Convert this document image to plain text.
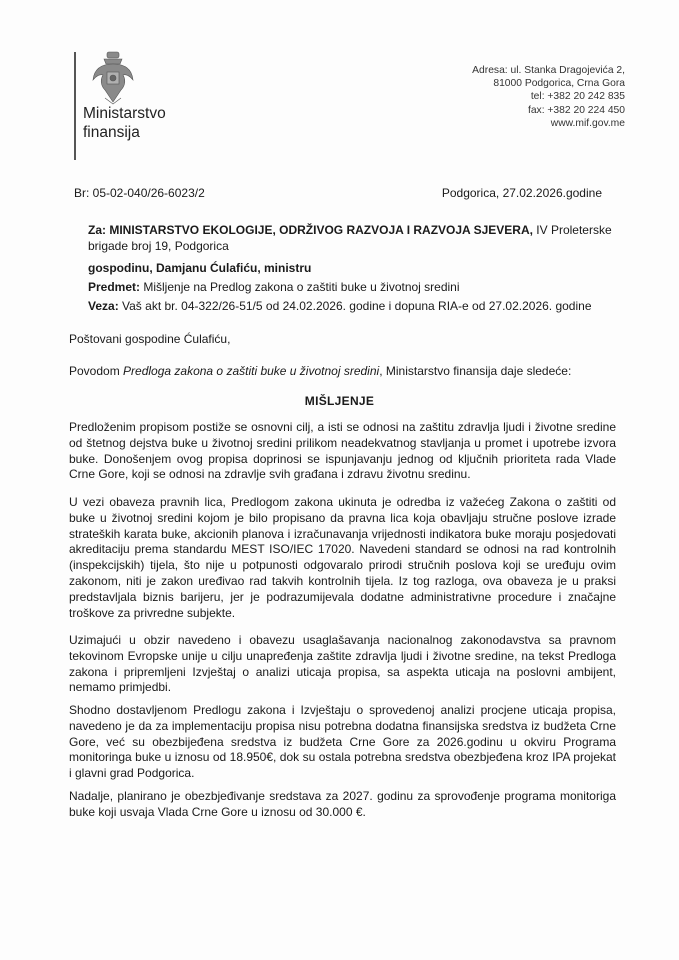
Ministarstvo
finansija
Adresa: ul. Stanka Dragojevića 2,
81000 Podgorica, Crna Gora
tel: +382 20 242 835
fax: +382 20 224 450
www.mif.gov.me
Br: 05-02-040/26-6023/2	Podgorica, 27.02.2026.godine
Za: MINISTARSTVO EKOLOGIJE, ODRŽIVOG RAZVOJA I RAZVOJA SJEVERA, IV Proleterske
brigade broj 19, Podgorica
gospodinu, Damjanu Ćulafiću, ministru
Predmet: Mišljenje na Predlog zakona o zaštiti buke u životnoj sredini
Veza: Vaš akt br. 04-322/26-51/5 od 24.02.2026. godine i dopuna RIA-e od 27.02.2026. godine
Poštovani gospodine Ćulafiću,
Povodom Predloga zakona o zaštiti buke u životnoj sredini, Ministarstvo finansija daje sledeće:
MIŠLJENJE
Predloženim propisom postiže se osnovni cilj, a isti se odnosi na zaštitu zdravlja ljudi i životne sredine od štetnog dejstva buke u životnoj sredini prilikom neadekvatnog stavljanja u promet i upotrebe izvora buke. Donošenjem ovog propisa doprinosi se ispunjavanju jednog od ključnih prioriteta rada Vlade Crne Gore, koji se odnosi na zdravlje svih građana i zdravu životnu sredinu.
U vezi obaveza pravnih lica, Predlogom zakona ukinuta je odredba iz važećeg Zakona o zaštiti od buke u životnoj sredini kojom je bilo propisano da pravna lica koja obavljaju stručne poslove izrade strateških karata buke, akcionih planova i izračunavanja vrijednosti indikatora buke moraju posjedovati akreditaciju prema standardu MEST ISO/IEC 17020. Navedeni standard se odnosi na rad kontrolnih (inspekcijskih) tijela, što nije u potpunosti odgovaralo prirodi stručnih poslova koji se uređuju ovim zakonom, niti je zakon uređivao rad takvih kontrolnih tijela. Iz tog razloga, ova obaveza je u praksi predstavljala biznis barijeru, jer je podrazumijevala dodatne administrativne procedure i značajne troškove za privredne subjekte.
Uzimajući u obzir navedeno i obavezu usaglašavanja nacionalnog zakonodavstva sa pravnom tekovinom Evropske unije u cilju unapređenja zaštite zdravlja ljudi i životne sredine, na tekst Predloga zakona i pripremljeni Izvještaj o analizi uticaja propisa, sa aspekta uticaja na poslovni ambijent, nemamo primjedbi.
Shodno dostavljenom Predlogu zakona i Izvještaju o sprovedenoj analizi procjene uticaja propisa, navedeno je da za implementaciju propisa nisu potrebna dodatna finansijska sredstva iz budžeta Crne Gore, već su obezbijeđena sredstva iz budžeta Crne Gore za 2026.godinu u okviru Programa monitoringa buke u iznosu od 18.950€, dok su ostala potrebna sredstva obezbjeđena kroz IPA projekat i glavni grad Podgorica.
Nadalje, planirano je obezbjeđivanje sredstava za 2027. godinu za sprovođenje programa monitoriga buke koji usvaja Vlada Crne Gore u iznosu od 30.000 €.
